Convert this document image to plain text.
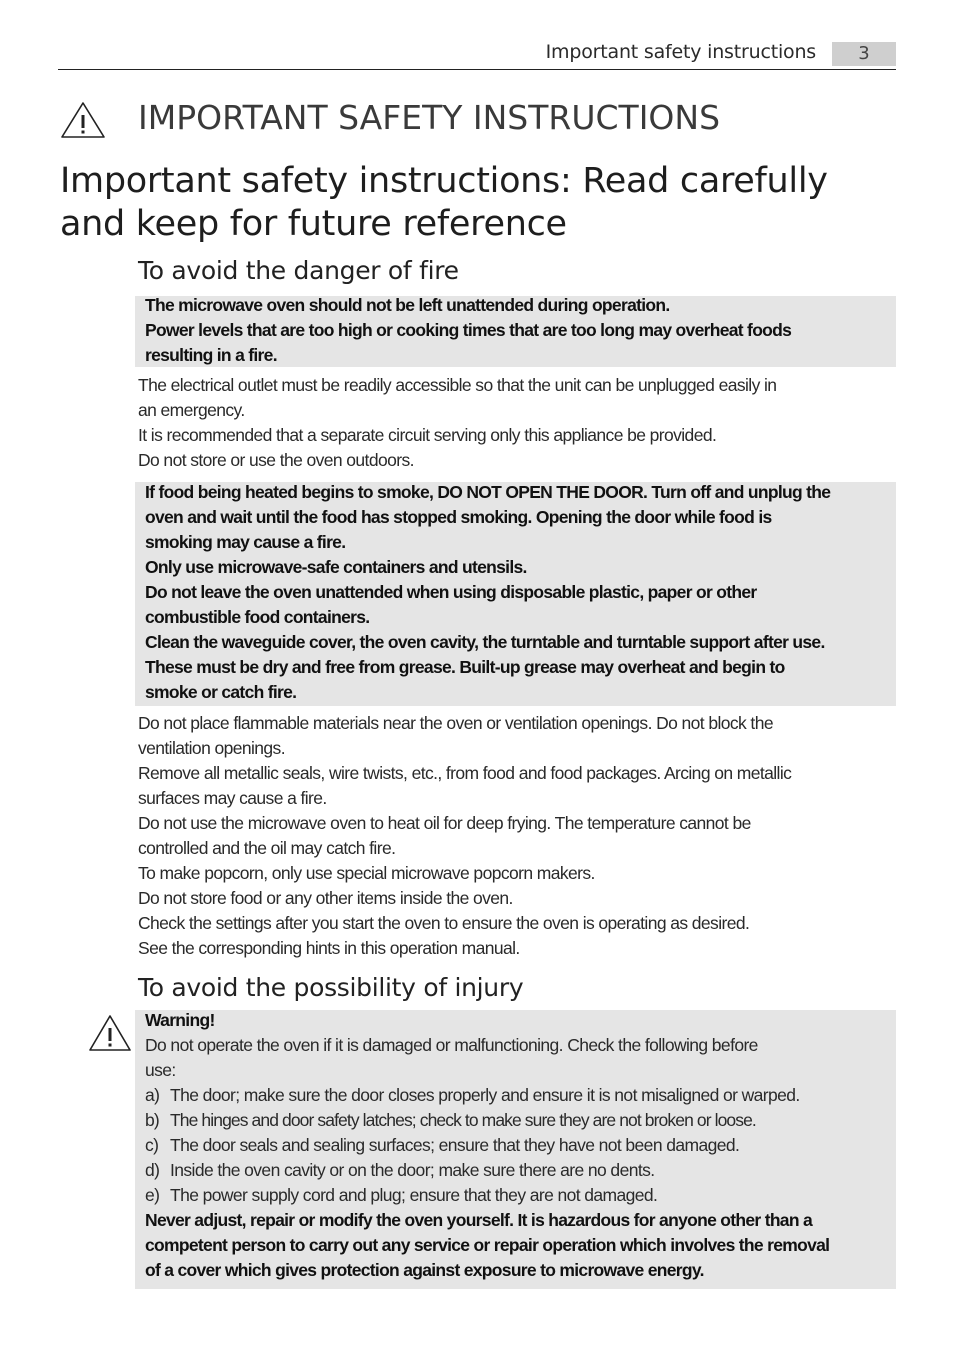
Important safety instructions	3
IMPORTANT SAFETY INSTRUCTIONS
Important safety instructions: Read carefully and keep for future reference
To avoid the danger of fire

The microwave oven should not be left unattended during operation.

Power levels that are too high or cooking times that are too long may overheat foods

resulting in a fire.

The electrical outlet must be readily accessible so that the unit can be unplugged easily in

an emergency.

It is recommended that a separate circuit serving only this appliance be provided.

Do not store or use the oven outdoors.

If food being heated begins to smoke, DO NOT OPEN THE DOOR. Turn off and unplug the

oven and wait until the food has stopped smoking. Opening the door while food is

smoking may cause a fire.

Only use microwave-safe containers and utensils.

Do not leave the oven unattended when using disposable plastic, paper or other

combustible food containers.

Clean the waveguide cover, the oven cavity, the turntable and turntable support after use.

These must be dry and free from grease. Built-up grease may overheat and begin to

smoke or catch fire.

Do not place flammable materials near the oven or ventilation openings. Do not block the

ventilation openings.

Remove all metallic seals, wire twists, etc., from food and food packages. Arcing on metallic

surfaces may cause a fire.

Do not use the microwave oven to heat oil for deep frying. The temperature cannot be

controlled and the oil may catch fire.

To make popcorn, only use special microwave popcorn makers.

Do not store food or any other items inside the oven.

Check the settings after you start the oven to ensure the oven is operating as desired.

See the corresponding hints in this operation manual.

To avoid the possibility of injury

Warning!

Do not operate the oven if it is damaged or malfunctioning. Check the following before

use:

a) The door; make sure the door closes properly and ensure it is not misaligned or warped.
b) The hinges and door safety latches; check to make sure they are not broken or loose.
c) The door seals and sealing surfaces; ensure that they have not been damaged.
d) Inside the oven cavity or on the door; make sure there are no dents.
e) The power supply cord and plug; ensure that they are not damaged.

Never adjust, repair or modify the oven yourself. It is hazardous for anyone other than a

competent person to carry out any service or repair operation which involves the removal

of a cover which gives protection against exposure to microwave energy.
